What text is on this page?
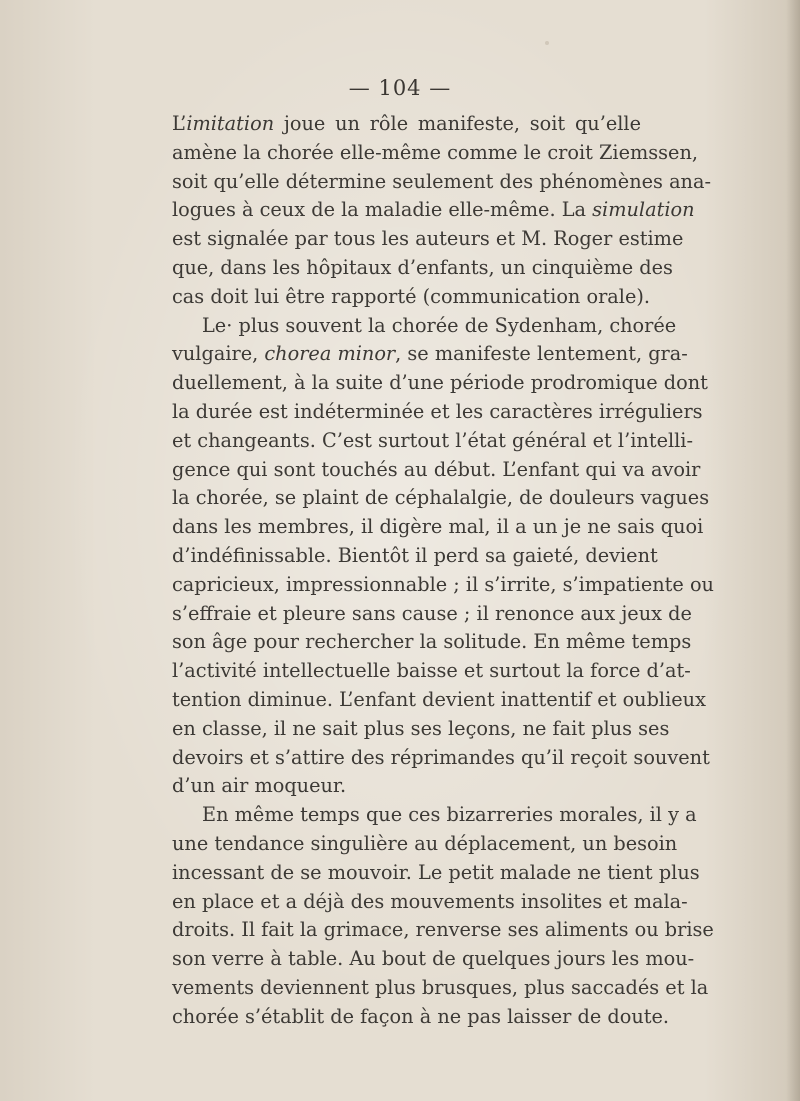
— 104 —
L’imitation joue un rôle manifeste, soit qu’elle
amène la chorée elle-même comme le croit Ziemssen,
soit qu’elle détermine seulement des phénomènes ana-
logues à ceux de la maladie elle-même. La simulation
est signalée par tous les auteurs et M. Roger estime
que, dans les hôpitaux d’enfants, un cinquième des
cas doit lui être rapporté (communication orale).
Le· plus souvent la chorée de Sydenham, chorée
vulgaire, chorea minor, se manifeste lentement, gra-
duellement, à la suite d’une période prodromique dont
la durée est indéterminée et les caractères irréguliers
et changeants. C’est surtout l’état général et l’intelli-
gence qui sont touchés au début. L’enfant qui va avoir
la chorée, se plaint de céphalalgie, de douleurs vagues
dans les membres, il digère mal, il a un je ne sais quoi
d’indéfinissable. Bientôt il perd sa gaieté, devient
capricieux, impressionnable ; il s’irrite, s’impatiente ou
s’effraie et pleure sans cause ; il renonce aux jeux de
son âge pour rechercher la solitude. En même temps
l’activité intellectuelle baisse et surtout la force d’at-
tention diminue. L’enfant devient inattentif et oublieux
en classe, il ne sait plus ses leçons, ne fait plus ses
devoirs et s’attire des réprimandes qu’il reçoit souvent
d’un air moqueur.
En même temps que ces bizarreries morales, il y a
une tendance singulière au déplacement, un besoin
incessant de se mouvoir. Le petit malade ne tient plus
en place et a déjà des mouvements insolites et mala-
droits. Il fait la grimace, renverse ses aliments ou brise
son verre à table. Au bout de quelques jours les mou-
vements deviennent plus brusques, plus saccadés et la
chorée s’établit de façon à ne pas laisser de doute.
